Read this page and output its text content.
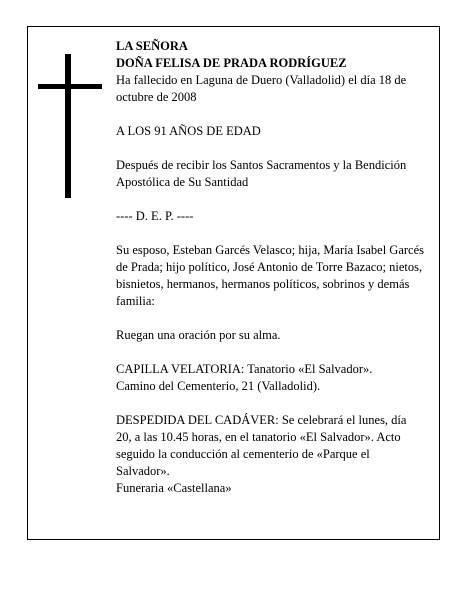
LA SEÑORA

DOÑA FELISA DE PRADA RODRÍGUEZ

Ha fallecido en Laguna de Duero (Valladolid) el día 18 de octubre de 2008

A LOS 91 AÑOS DE EDAD

Después de recibir los Santos Sacramentos y la Bendición Apostólica de Su Santidad

---- D. E. P. ----

Su esposo, Esteban Garcés Velasco; hija, María Isabel Garcés de Prada; hijo político, José Antonio de Torre Bazaco; nietos, bisnietos, hermanos, hermanos políticos, sobrinos y demás familia:

Ruegan una oración por su alma.

CAPILLA VELATORIA: Tanatorio «El Salvador».

Camino del Cementerio, 21 (Valladolid).

DESPEDIDA DEL CADÁVER: Se celebrará el lunes, día 20, a las 10.45 horas, en el tanatorio «El Salvador». Acto seguido la conducción al cementerio de «Parque el Salvador».

Funeraria «Castellana»
